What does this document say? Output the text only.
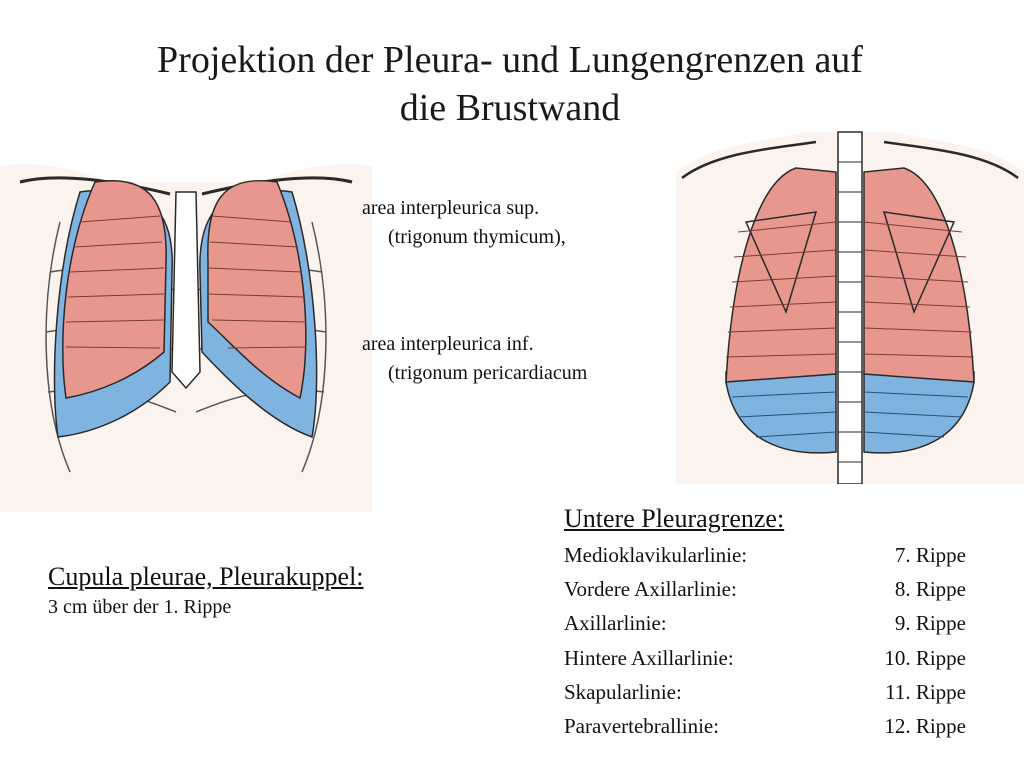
Projektion der Pleura- und Lungengrenzen auf
die Brustwand
area interpleurica sup.
(trigonum thymicum),
area interpleurica inf.
(trigonum pericardiacum
Cupula pleurae, Pleurakuppel:
3 cm über der 1. Rippe
Untere Pleuragrenze:
Medioklavikularlinie:	7. Rippe
Vordere Axillarlinie:	8. Rippe
Axillarlinie:	9. Rippe
Hintere Axillarlinie:	10. Rippe
Skapularlinie:	11. Rippe
Paravertebrallinie:	12. Rippe
